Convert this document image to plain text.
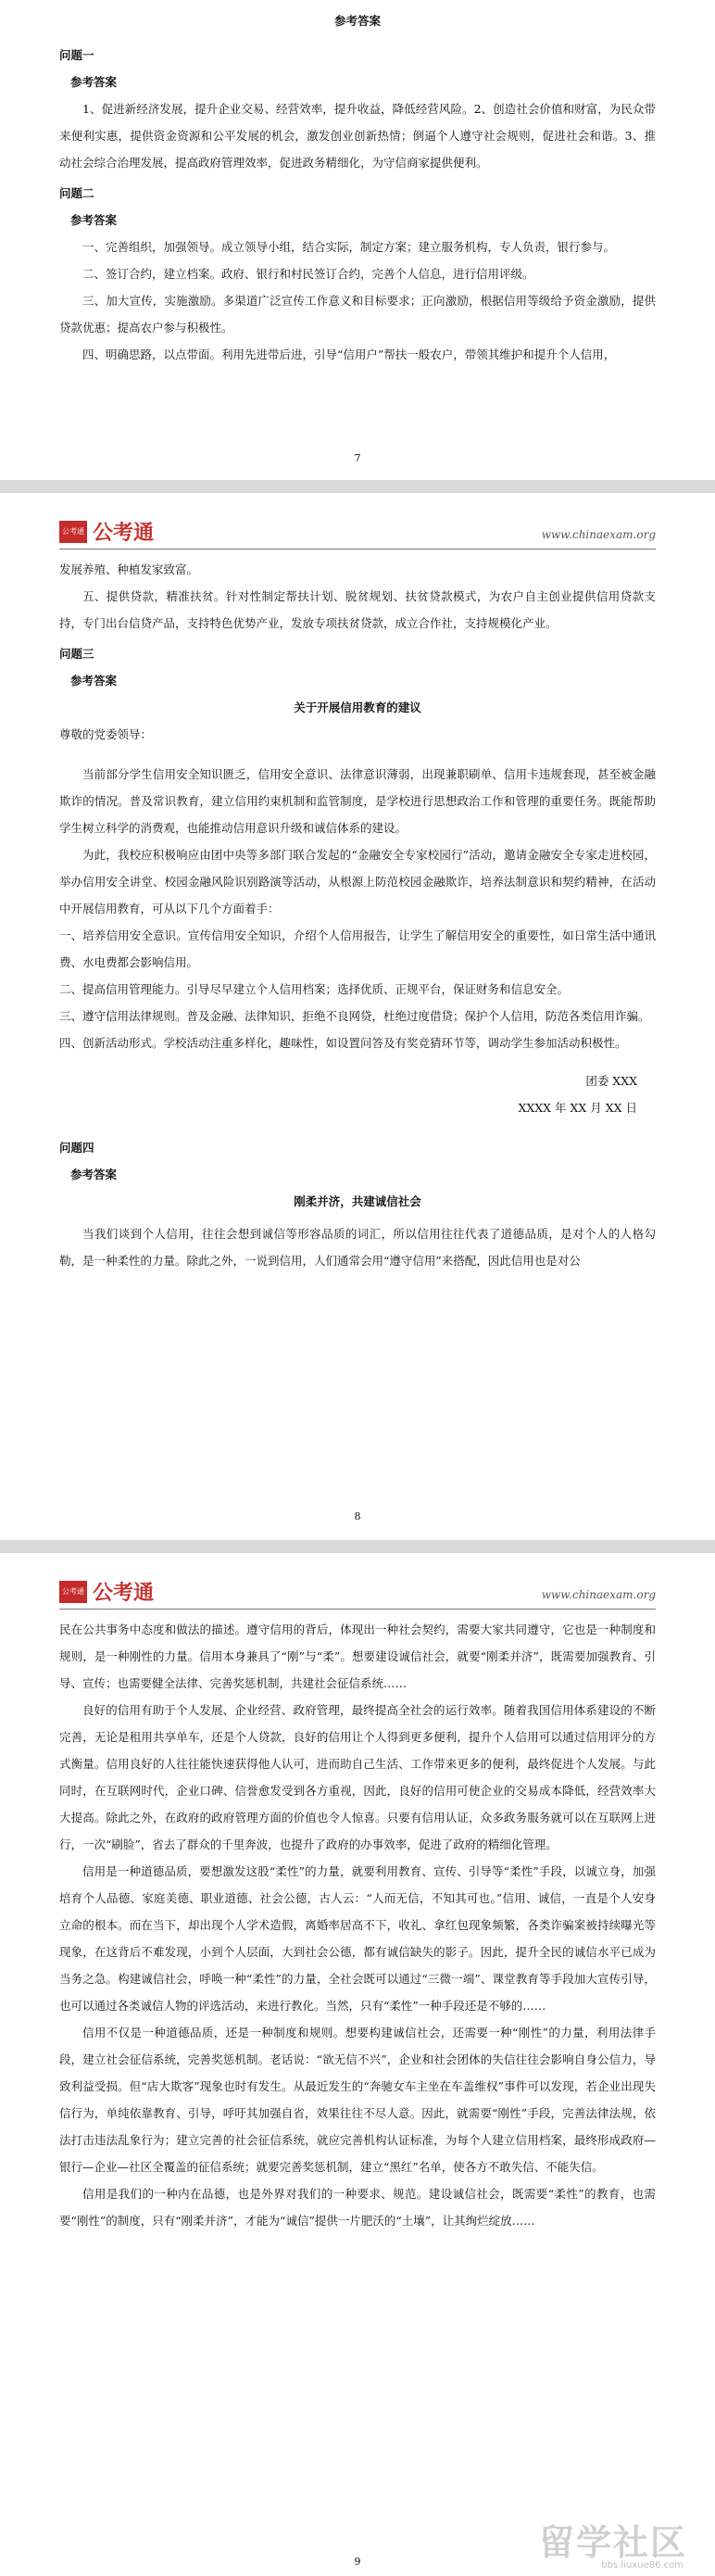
参考答案

问题一

参考答案

1、促进新经济发展，提升企业交易、经营效率，提升收益，降低经营风险。2、创造社会价值和财富，为民众带来便利实惠，提供资金资源和公平发展的机会，激发创业创新热情；倒逼个人遵守社会规则，促进社会和谐。3、推动社会综合治理发展，提高政府管理效率，促进政务精细化，为守信商家提供便利。

问题二

参考答案

一、完善组织，加强领导。成立领导小组，结合实际，制定方案；建立服务机构，专人负责，银行参与。

二、签订合约，建立档案。政府、银行和村民签订合约，完善个人信息，进行信用评级。

三、加大宣传，实施激励。多渠道广泛宣传工作意义和目标要求；正向激励，根据信用等级给予资金激励，提供贷款优惠；提高农户参与积极性。

四、明确思路，以点带面。利用先进带后进，引导“信用户”帮扶一般农户，带领其维护和提升个人信用，

7
公考通 公考通	www.chinaexam.org

发展养殖、种植发家致富。

五、提供贷款，精准扶贫。针对性制定帮扶计划、脱贫规划、扶贫贷款模式，为农户自主创业提供信用贷款支持，专门出台信贷产品，支持特色优势产业，发放专项扶贫贷款，成立合作社，支持规模化产业。

问题三

参考答案

关于开展信用教育的建议

尊敬的党委领导：

当前部分学生信用安全知识匮乏，信用安全意识、法律意识薄弱，出现兼职刷单、信用卡违规套现，甚至被金融欺诈的情况。普及常识教育，建立信用约束机制和监管制度，是学校进行思想政治工作和管理的重要任务。既能帮助学生树立科学的消费观，也能推动信用意识升级和诚信体系的建设。

为此，我校应积极响应由团中央等多部门联合发起的“金融安全专家校园行”活动，邀请金融安全专家走进校园，举办信用安全讲堂、校园金融风险识别路演等活动，从根源上防范校园金融欺诈，培养法制意识和契约精神，在活动中开展信用教育，可从以下几个方面着手：

一、培养信用安全意识。宣传信用安全知识，介绍个人信用报告，让学生了解信用安全的重要性，如日常生活中通讯费、水电费都会影响信用。

二、提高信用管理能力。引导尽早建立个人信用档案；选择优质、正规平台，保证财务和信息安全。

三、遵守信用法律规则。普及金融、法律知识，拒绝不良网贷，杜绝过度借贷；保护个人信用，防范各类信用诈骗。

四、创新活动形式。学校活动注重多样化，趣味性，如设置问答及有奖竞猜环节等，调动学生参加活动积极性。

团委 XXX

XXXX 年 XX 月 XX 日

问题四

参考答案

刚柔并济，共建诚信社会

当我们谈到个人信用，往往会想到诚信等形容品质的词汇，所以信用往往代表了道德品质，是对个人的人格勾勒，是一种柔性的力量。除此之外，一说到信用，人们通常会用“遵守信用”来搭配，因此信用也是对公

8
公考通 公考通	www.chinaexam.org

民在公共事务中态度和做法的描述。遵守信用的背后，体现出一种社会契约，需要大家共同遵守，它也是一种制度和规则，是一种刚性的力量。信用本身兼具了“刚”与“柔”。想要建设诚信社会，就要“刚柔并济”，既需要加强教育、引导、宣传；也需要健全法律、完善奖惩机制，共建社会征信系统……

良好的信用有助于个人发展、企业经营、政府管理，最终提高全社会的运行效率。随着我国信用体系建设的不断完善，无论是租用共享单车，还是个人贷款，良好的信用让个人得到更多便利，提升个人信用可以通过信用评分的方式衡量。信用良好的人往往能快速获得他人认可，进而助自己生活、工作带来更多的便利，最终促进个人发展。与此同时，在互联网时代，企业口碑、信誉愈发受到各方重视，因此，良好的信用可使企业的交易成本降低，经营效率大大提高。除此之外，在政府的政府管理方面的价值也令人惊喜。只要有信用认证，众多政务服务就可以在互联网上进行，一次“刷脸”，省去了群众的千里奔波，也提升了政府的办事效率，促进了政府的精细化管理。

信用是一种道德品质，要想激发这股“柔性”的力量，就要利用教育、宣传、引导等“柔性”手段，以诚立身，加强培育个人品德、家庭美德、职业道德、社会公德，古人云：“人而无信，不知其可也。”信用、诚信，一直是个人安身立命的根本。而在当下，却出现个人学术造假，离婚率居高不下，收礼、拿红包现象频繁，各类诈骗案被持续曝光等现象，在这背后不难发现，小到个人层面，大到社会公德，都有诚信缺失的影子。因此，提升全民的诚信水平已成为当务之急。构建诚信社会，呼唤一种“柔性”的力量，全社会既可以通过“三微一端”、课堂教育等手段加大宣传引导，也可以通过各类诚信人物的评选活动，来进行教化。当然，只有“柔性”一种手段还是不够的……

信用不仅是一种道德品质，还是一种制度和规则。想要构建诚信社会，还需要一种“刚性”的力量，利用法律手段，建立社会征信系统，完善奖惩机制。老话说：“欲无信不兴”，企业和社会团体的失信往往会影响自身公信力，导致利益受损。但“店大欺客”现象也时有发生。从最近发生的“奔驰女车主坐在车盖维权”事件可以发现，若企业出现失信行为，单纯依靠教育、引导，呼吁其加强自省，效果往往不尽人意。因此，就需要“刚性”手段，完善法律法规，依法打击违法乱象行为；建立完善的社会征信系统，就应完善机构认证标准，为每个人建立信用档案，最终形成政府—银行—企业—社区全覆盖的征信系统；就要完善奖惩机制，建立“黑红”名单，使各方不敢失信、不能失信。

信用是我们的一种内在品德，也是外界对我们的一种要求、规范。建设诚信社会，既需要“柔性”的教育，也需要“刚性”的制度，只有“刚柔并济”，才能为“诚信”提供一片肥沃的“土壤”，让其绚烂绽放……

留学社区
bbs.liuxue86.com
9
